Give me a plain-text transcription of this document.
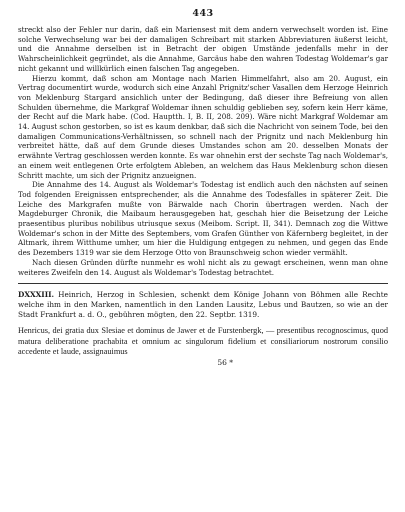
443

streckt also der Fehler nur darin, daß ein Mariensest mit dem andern verwechselt worden ist. Eine solche Verwechselung war bei der damaligen Schreibart mit starken Abbreviaturen äußerst leicht, und die Annahme derselben ist in Betracht der obigen Umstände jedenfalls mehr in der Wahrscheinlichkeit gegründet, als die Annahme, Garcäus habe den wahren Todestag Woldemar's gar nicht gekannt und willkürlich einen falschen Tag angegeben.

Hierzu kommt, daß schon am Montage nach Marien Himmelfahrt, also am 20. August, ein Vertrag documentirt wurde, wodurch sich eine Anzahl Prignitz'scher Vasallen dem Herzoge Heinrich von Meklenburg Stargard ansichlich unter der Bedingung, daß dieser ihre Befreiung von allen Schulden übernehme, die Markgraf Woldemar ihnen schuldig geblieben sey, sofern kein Herr käme, der Recht auf die Mark habe. (Cod. Hauptth. I, B. II, 208. 209). Wäre nicht Markgraf Woldemar am 14. August schon gestorben, so ist es kaum denkbar, daß sich die Nachricht von seinem Tode, bei den damaligen Communications-Verhältnissen, so schnell nach der Prignitz und nach Meklenburg hin verbreitet hätte, daß auf dem Grunde dieses Umstandes schon am 20. desselben Monats der erwähnte Vertrag geschlossen werden konnte. Es war ohnehin erst der sechste Tag nach Woldemar's, an einem weit entlegenen Orte erfolgtem Ableben, an welchem das Haus Meklenburg schon diesen Schritt machte, um sich der Prignitz anzueignen.

Die Annahme des 14. August als Woldemar's Todestag ist endlich auch den nächsten auf seinen Tod folgenden Ereignissen entsprechender, als die Annahme des Todesfalles in späterer Zeit. Die Leiche des Markgrafen mußte von Bärwalde nach Chorin übertragen werden. Nach der Magdeburger Chronik, die Maibaum herausgegeben hat, geschah hier die Beisetzung der Leiche praesentibus pluribus nobilibus utriusque sexus (Meibom. Script. II, 341). Demnach zog die Wittwe Woldemar's schon in der Mitte des Septembers, vom Grafen Günther von Käfernberg begleitet, in der Altmark, ihrem Witthume umher, um hier die Huldigung entgegen zu nehmen, und gegen das Ende des Dezembers 1319 war sie dem Herzoge Otto von Braunschweig schon wieder vermählt.

Nach diesen Gründen dürfte nunmehr es wohl nicht als zu gewagt erscheinen, wenn man ohne weiteres Zweifeln den 14. August als Woldemar's Todestag betrachtet.

DXXXIII. Heinrich, Herzog in Schlesien, schenkt dem Könige Johann von Böhmen alle Rechte welche ihm in den Marken, namentlich in den Landen Lausitz, Lebus und Bautzen, so wie an der Stadt Frankfurt a. d. O., gebühren mögten, den 22. Septbr. 1319.

Henricus, dei gratia dux Slesiae et dominus de Jawer et de Furstenbergk, — presentibus recognoscimus, quod matura deliberatione prachabita et omnium ac singulorum fidelium et consiliariorum nostrorum consilio accedente et laude, assignauimus

56 *
